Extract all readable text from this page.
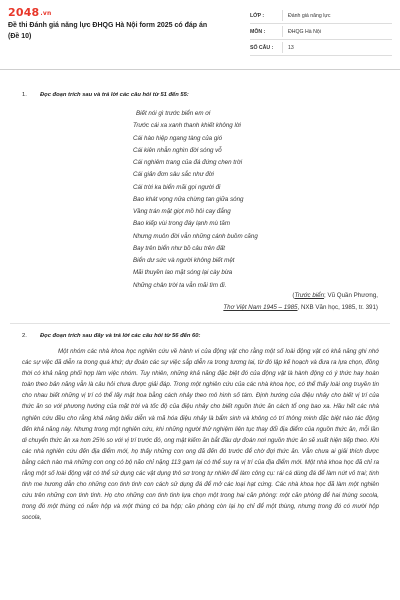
2048.vn
Đề thi Đánh giá năng lực ĐHQG Hà Nội form 2025 có đáp án (Đề 10)
LỚP :	Đánh giá năng lực
MÔN :	ĐHQG Hà Nội
SỐ CÂU :	13
1. Đọc đoạn trích sau và trả lời các câu hỏi từ 51 đến 55:
Biết nói gì trước biển em ơi
Trước cái xa xanh thanh khiết không lời
Cái hào hiệp ngang tàng của gió
Cái kiên nhẫn nghìn đời sóng vỗ
Cái nghiêm trang của đá đứng chen trời
Cái giản đơn sâu sắc như đời
Cái trời ka biển mãi gọi người đi
Bao khát vọng nửa chừng tan giữa sóng
Vầng trán mặt giọt mồ hôi cay đắng
Bao kiếp vùi trong đáy lạnh mù tăm
Nhưng muôn đời vẫn những cánh buồm căng
Bay trên biển như bồ câu trên đất
Biển dư sức và người không biết mệt
Mãi thuyền lao mặt sóng lại cày bừa
Những chân trời ta vẫn mãi tìm đi.
(Trước biển; Vũ Quần Phương,
Thơ Việt Nam 1945 – 1985, NXB Văn học, 1985, tr. 391)
2. Đọc đoạn trích sau đây và trả lời các câu hỏi từ 56 đến 60:
Một nhóm các nhà khoa học nghiên cứu về hành vi của động vật cho rằng một số loài động vật có khả năng ghi nhớ các sự việc đã diễn ra trong quá khứ; dự đoán các sự việc sắp diễn ra trong tương lai, từ đó lập kế hoạch và đưa ra lựa chọn, đồng thời có khả năng phối hợp làm việc nhóm. Tuy nhiên, những khả năng đặc biệt đó của động vật là hành động có ý thức hay hoàn toàn theo bản năng vẫn là câu hỏi chưa được giải đáp. Trong một nghiên cứu của các nhà khoa học, có thể thấy loài ong truyền tin cho nhau biết những vị trí có thể lấy mật hoa bằng cách nhảy theo mô hình số tám. Định hướng của điệu nhảy cho biết vị trí của thức ăn so với phương hướng của mặt trời và tốc độ của điệu nhảy cho biết nguồn thức ăn cách tổ ong bao xa. Hầu hết các nhà nghiên cứu đều cho rằng khả năng biểu diễn và mã hóa điệu nhảy là bẩm sinh và không có trí thông minh đặc biệt nào tác động đến khả năng này. Nhưng trong một nghiên cứu, khi những người thử nghiệm liên tục thay đổi địa điểm của nguồn thức ăn, mỗi lần di chuyển thức ăn xa hơn 25% so với vị trí trước đó, ong mật kiếm ăn bắt đầu dự đoán nơi nguồn thức ăn sẽ xuất hiện tiếp theo. Khi các nhà nghiên cứu đến địa điểm mới, họ thấy những con ong đã đến đó trước để chờ đợi thức ăn. Vẫn chưa ai giải thích được bằng cách nào mà những con ong có bộ não chỉ nặng 113 gam lại có thể suy ra vị trí của địa điểm mới. Một nhà khoa học đã chỉ ra rằng một số loài động vật có thể sử dụng các vật dụng thô sơ trong tự nhiên để làm công cụ: rái cá dùng đá để làm nứt vỏ trai; tinh tinh me hương dẫn cho những con tinh tinh con cách sử dụng đá để mở các loại hạt cứng. Các nhà khoa học đã làm một nghiên cứu trên những con tinh tinh. Họ cho những con tinh tinh lựa chọn một trong hai căn phòng: một căn phòng để hai thùng socola, trong đó một thùng có nắm hộp và một thùng có ba hộp; căn phòng còn lại họ chỉ để một thùng, nhưng trong đó có mười hộp socola,
